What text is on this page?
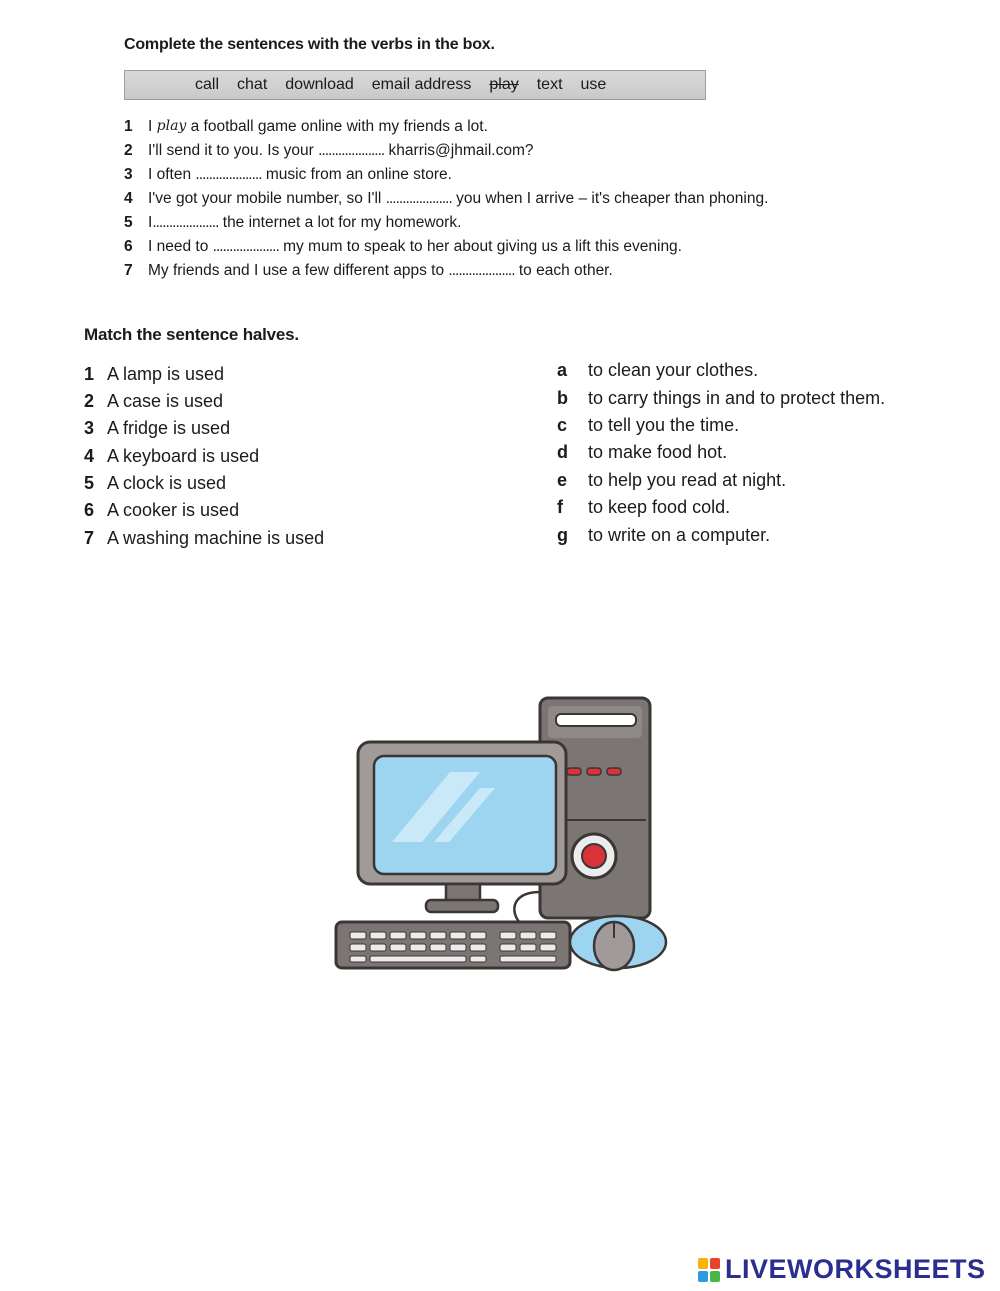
Complete the sentences with the verbs in the box.
call chat download email address play text use
1 I play a football game online with my friends a lot.
2 I'll send it to you. Is your .................... kharris@jhmail.com?
3 I often .................... music from an online store.
4 I've got your mobile number, so I'll .................... you when I arrive – it's cheaper than phoning.
5 I .................... the internet a lot for my homework.
6 I need to .................... my mum to speak to her about giving us a lift this evening.
7 My friends and I use a few different apps to .................... to each other.
Match the sentence halves.
1 A lamp is used
2 A case is used
3 A fridge is used
4 A keyboard is used
5 A clock is used
6 A cooker is used
7 A washing machine is used
a	to clean your clothes.
b	to carry things in and to protect them.
c	to tell you the time.
d	to make food hot.
e	to help you read at night.
f	to keep food cold.
g	to write on a computer.
LIVEWORKSHEETS
